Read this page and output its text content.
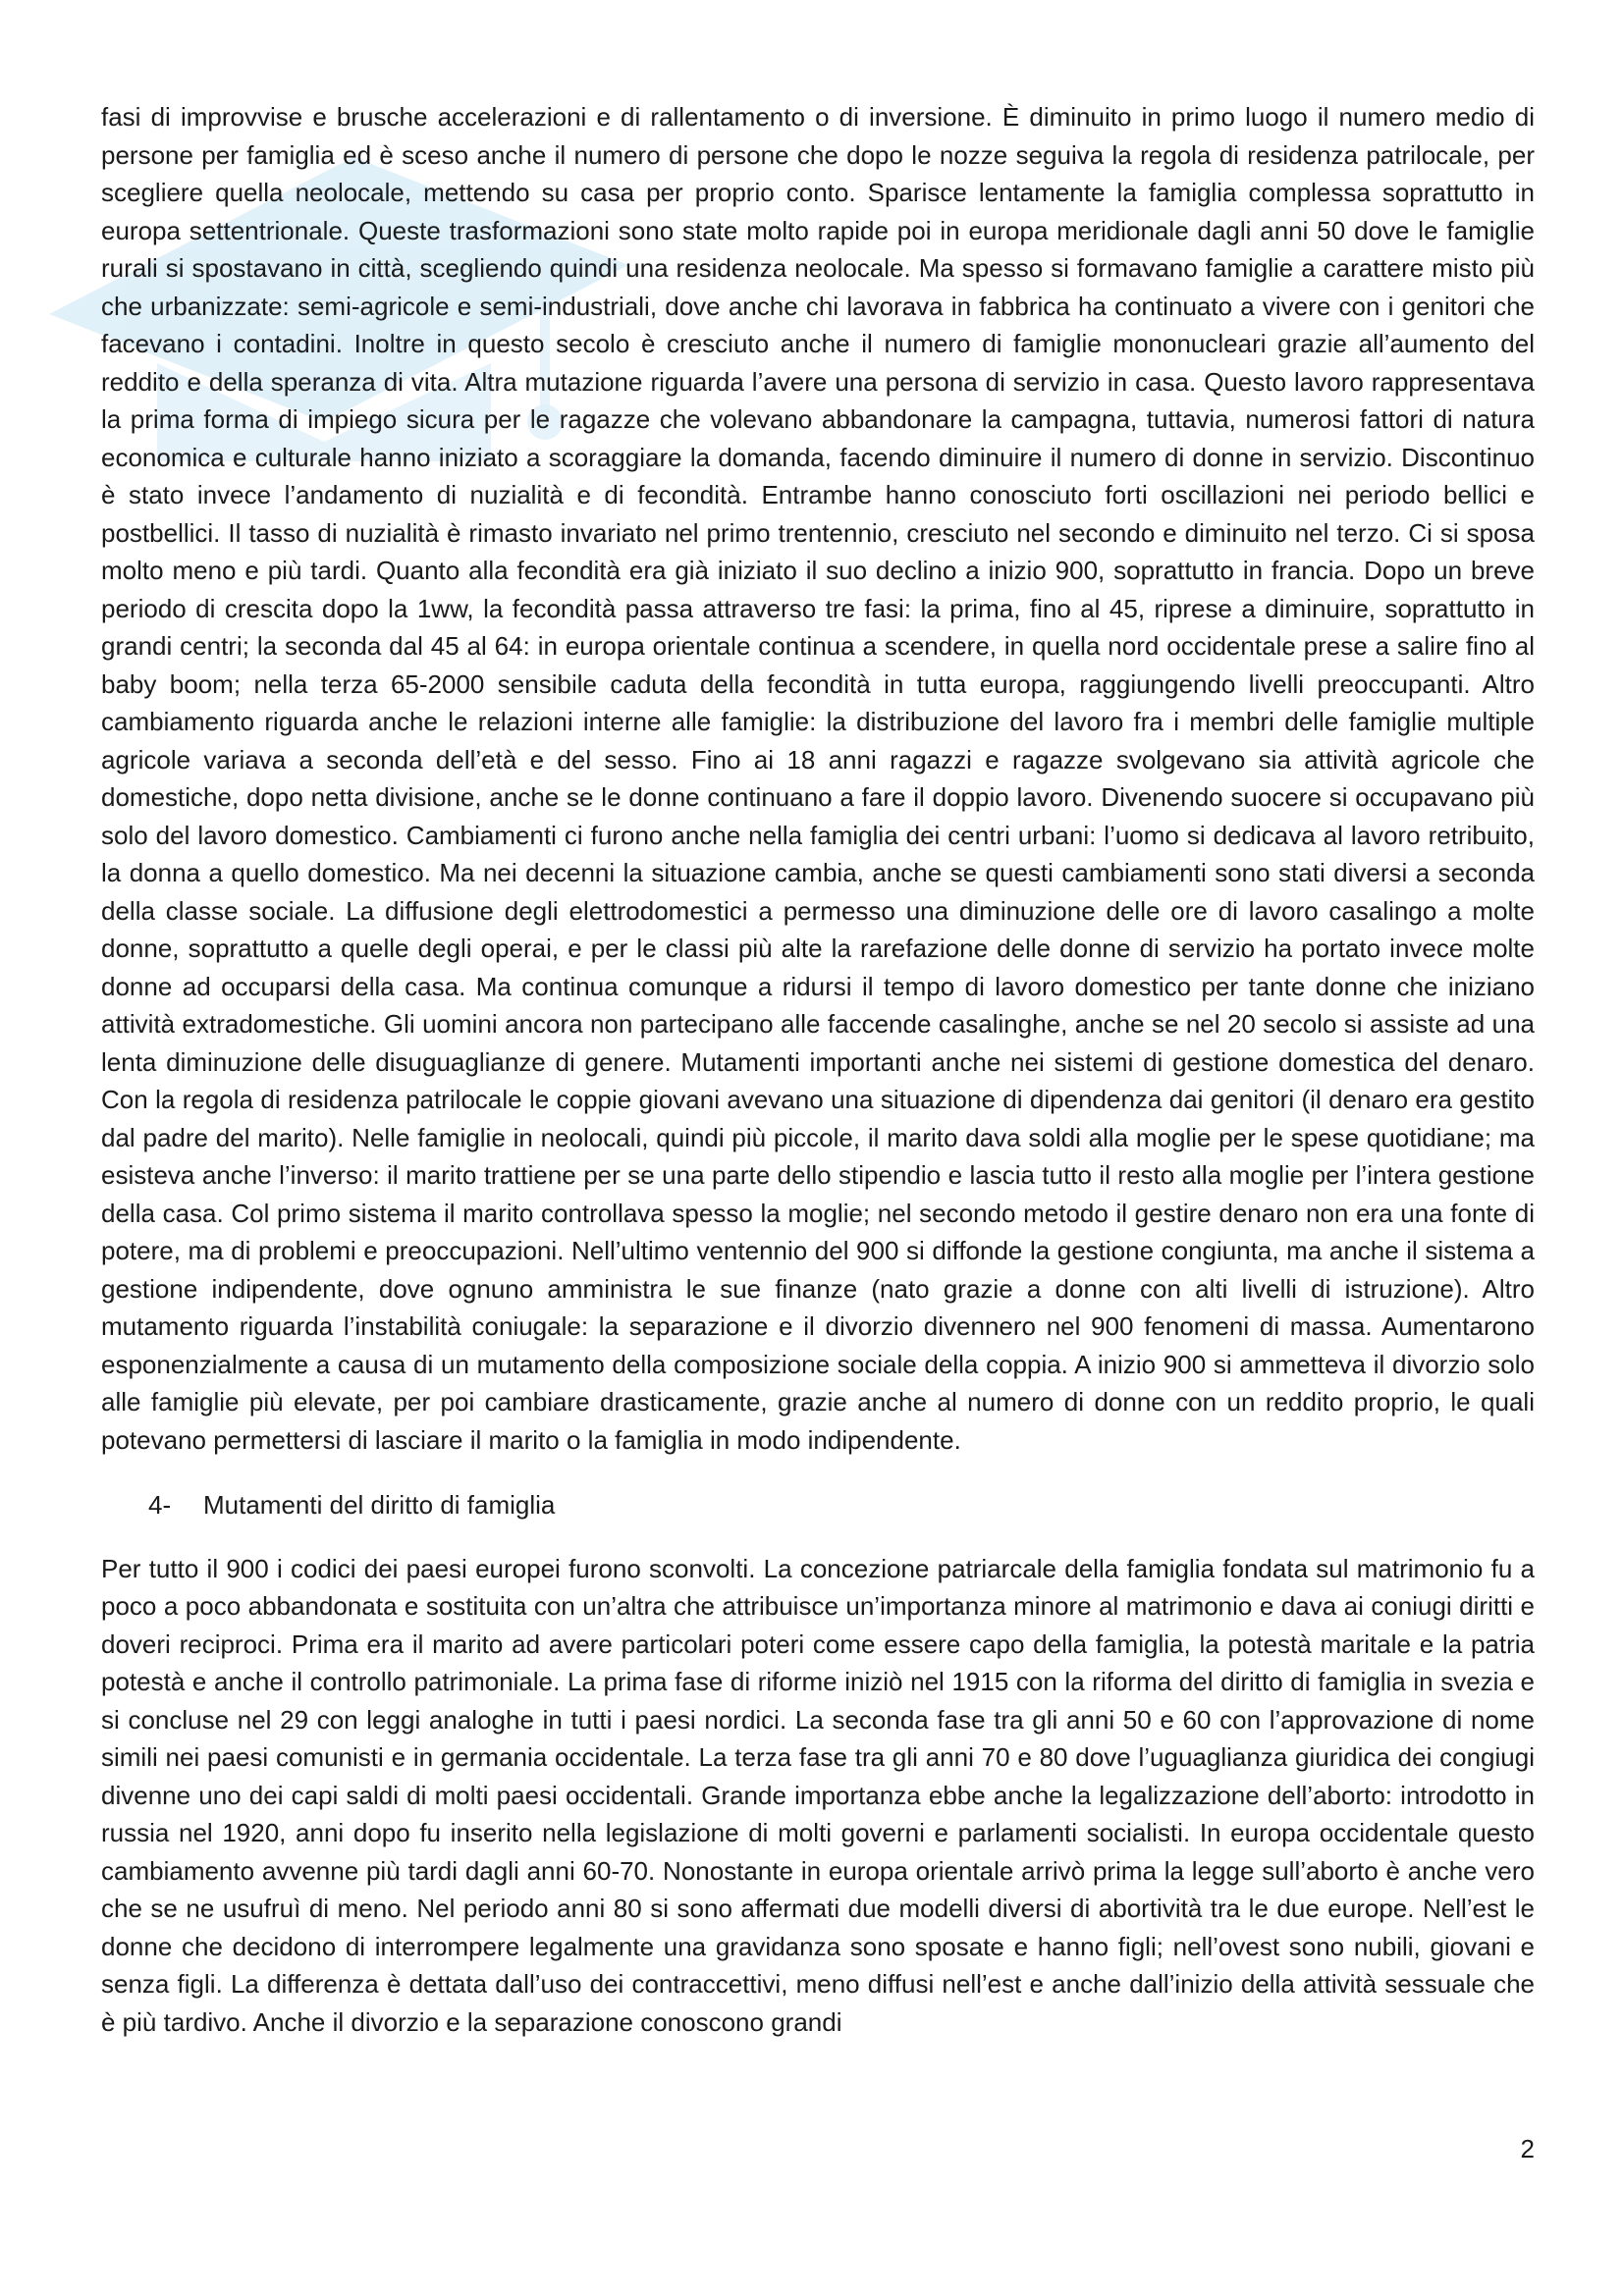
fasi di improvvise e brusche accelerazioni e di rallentamento o di inversione. È diminuito in primo luogo il numero medio di persone per famiglia ed è sceso anche il numero di persone che dopo le nozze seguiva la regola di residenza patrilocale, per scegliere quella neolocale, mettendo su casa per proprio conto. Sparisce lentamente la famiglia complessa soprattutto in europa settentrionale. Queste trasformazioni sono state molto rapide poi in europa meridionale dagli anni 50 dove le famiglie rurali si spostavano in città, scegliendo quindi una residenza neolocale. Ma spesso si formavano famiglie a carattere misto più che urbanizzate: semi-agricole e semi-industriali, dove anche chi lavorava in fabbrica ha continuato a vivere con i genitori che facevano i contadini. Inoltre in questo secolo è cresciuto anche il numero di famiglie mononucleari grazie all’aumento del reddito e della speranza di vita. Altra mutazione riguarda l’avere una persona di servizio in casa. Questo lavoro rappresentava la prima forma di impiego sicura per le ragazze che volevano abbandonare la campagna, tuttavia, numerosi fattori di natura economica e culturale hanno iniziato a scoraggiare la domanda, facendo diminuire il numero di donne in servizio. Discontinuo è stato invece l’andamento di nuzialità e di fecondità. Entrambe hanno conosciuto forti oscillazioni nei periodo bellici e postbellici. Il tasso di nuzialità è rimasto invariato nel primo trentennio, cresciuto nel secondo e diminuito nel terzo. Ci si sposa molto meno e più tardi. Quanto alla fecondità era già iniziato il suo declino a inizio 900, soprattutto in francia. Dopo un breve periodo di crescita dopo la 1ww, la fecondità passa attraverso tre fasi: la prima, fino al 45, riprese a diminuire, soprattutto in grandi centri; la seconda dal 45 al 64: in europa orientale continua a scendere, in quella nord occidentale prese a salire fino al baby boom; nella terza 65-2000 sensibile caduta della fecondità in tutta europa, raggiungendo livelli preoccupanti. Altro cambiamento riguarda anche le relazioni interne alle famiglie: la distribuzione del lavoro fra i membri delle famiglie multiple agricole variava a seconda dell’età e del sesso. Fino ai 18 anni ragazzi e ragazze svolgevano sia attività agricole che domestiche, dopo netta divisione, anche se le donne continuano a fare il doppio lavoro. Divenendo suocere si occupavano più solo del lavoro domestico. Cambiamenti ci furono anche nella famiglia dei centri urbani: l’uomo si dedicava al lavoro retribuito, la donna a quello domestico. Ma nei decenni la situazione cambia, anche se questi cambiamenti sono stati diversi a seconda della classe sociale. La diffusione degli elettrodomestici a permesso una diminuzione delle ore di lavoro casalingo a molte donne, soprattutto a quelle degli operai, e per le classi più alte la rarefazione delle donne di servizio ha portato invece molte donne ad occuparsi della casa. Ma continua comunque a ridursi il tempo di lavoro domestico per tante donne che iniziano attività extradomestiche. Gli uomini ancora non partecipano alle faccende casalinghe, anche se nel 20 secolo si assiste ad una lenta diminuzione delle disuguaglianze di genere. Mutamenti importanti anche nei sistemi di gestione domestica del denaro. Con la regola di residenza patrilocale le coppie giovani avevano una situazione di dipendenza dai genitori (il denaro era gestito dal padre del marito). Nelle famiglie in neolocali, quindi più piccole, il marito dava soldi alla moglie per le spese quotidiane; ma esisteva anche l’inverso: il marito trattiene per se una parte dello stipendio e lascia tutto il resto alla moglie per l’intera gestione della casa. Col primo sistema il marito controllava spesso la moglie; nel secondo metodo il gestire denaro non era una fonte di potere, ma di problemi e preoccupazioni. Nell’ultimo ventennio del 900 si diffonde la gestione congiunta, ma anche il sistema a gestione indipendente, dove ognuno amministra le sue finanze (nato grazie a donne con alti livelli di istruzione). Altro mutamento riguarda l’instabilità coniugale: la separazione e il divorzio divennero nel 900 fenomeni di massa. Aumentarono esponenzialmente a causa di un mutamento della composizione sociale della coppia. A inizio 900 si ammetteva il divorzio solo alle famiglie più elevate, per poi cambiare drasticamente, grazie anche al numero di donne con un reddito proprio, le quali potevano permettersi di lasciare il marito o la famiglia in modo indipendente.

4- Mutamenti del diritto di famiglia

Per tutto il 900 i codici dei paesi europei furono sconvolti. La concezione patriarcale della famiglia fondata sul matrimonio fu a poco a poco abbandonata e sostituita con un’altra che attribuisce un’importanza minore al matrimonio e dava ai coniugi diritti e doveri reciproci. Prima era il marito ad avere particolari poteri come essere capo della famiglia, la potestà maritale e la patria potestà e anche il controllo patrimoniale. La prima fase di riforme iniziò nel 1915 con la riforma del diritto di famiglia in svezia e si concluse nel 29 con leggi analoghe in tutti i paesi nordici. La seconda fase tra gli anni 50 e 60 con l’approvazione di nome simili nei paesi comunisti e in germania occidentale. La terza fase tra gli anni 70 e 80 dove l’uguaglianza giuridica dei congiugi divenne uno dei capi saldi di molti paesi occidentali. Grande importanza ebbe anche la legalizzazione dell’aborto: introdotto in russia nel 1920, anni dopo fu inserito nella legislazione di molti governi e parlamenti socialisti. In europa occidentale questo cambiamento avvenne più tardi dagli anni 60-70. Nonostante in europa orientale arrivò prima la legge sull’aborto è anche vero che se ne usufruì di meno. Nel periodo anni 80 si sono affermati due modelli diversi di abortività tra le due europe. Nell’est le donne che decidono di interrompere legalmente una gravidanza sono sposate e hanno figli; nell’ovest sono nubili, giovani e senza figli. La differenza è dettata dall’uso dei contraccettivi, meno diffusi nell’est e anche dall’inizio della attività sessuale che è più tardivo. Anche il divorzio e la separazione conoscono grandi

2
